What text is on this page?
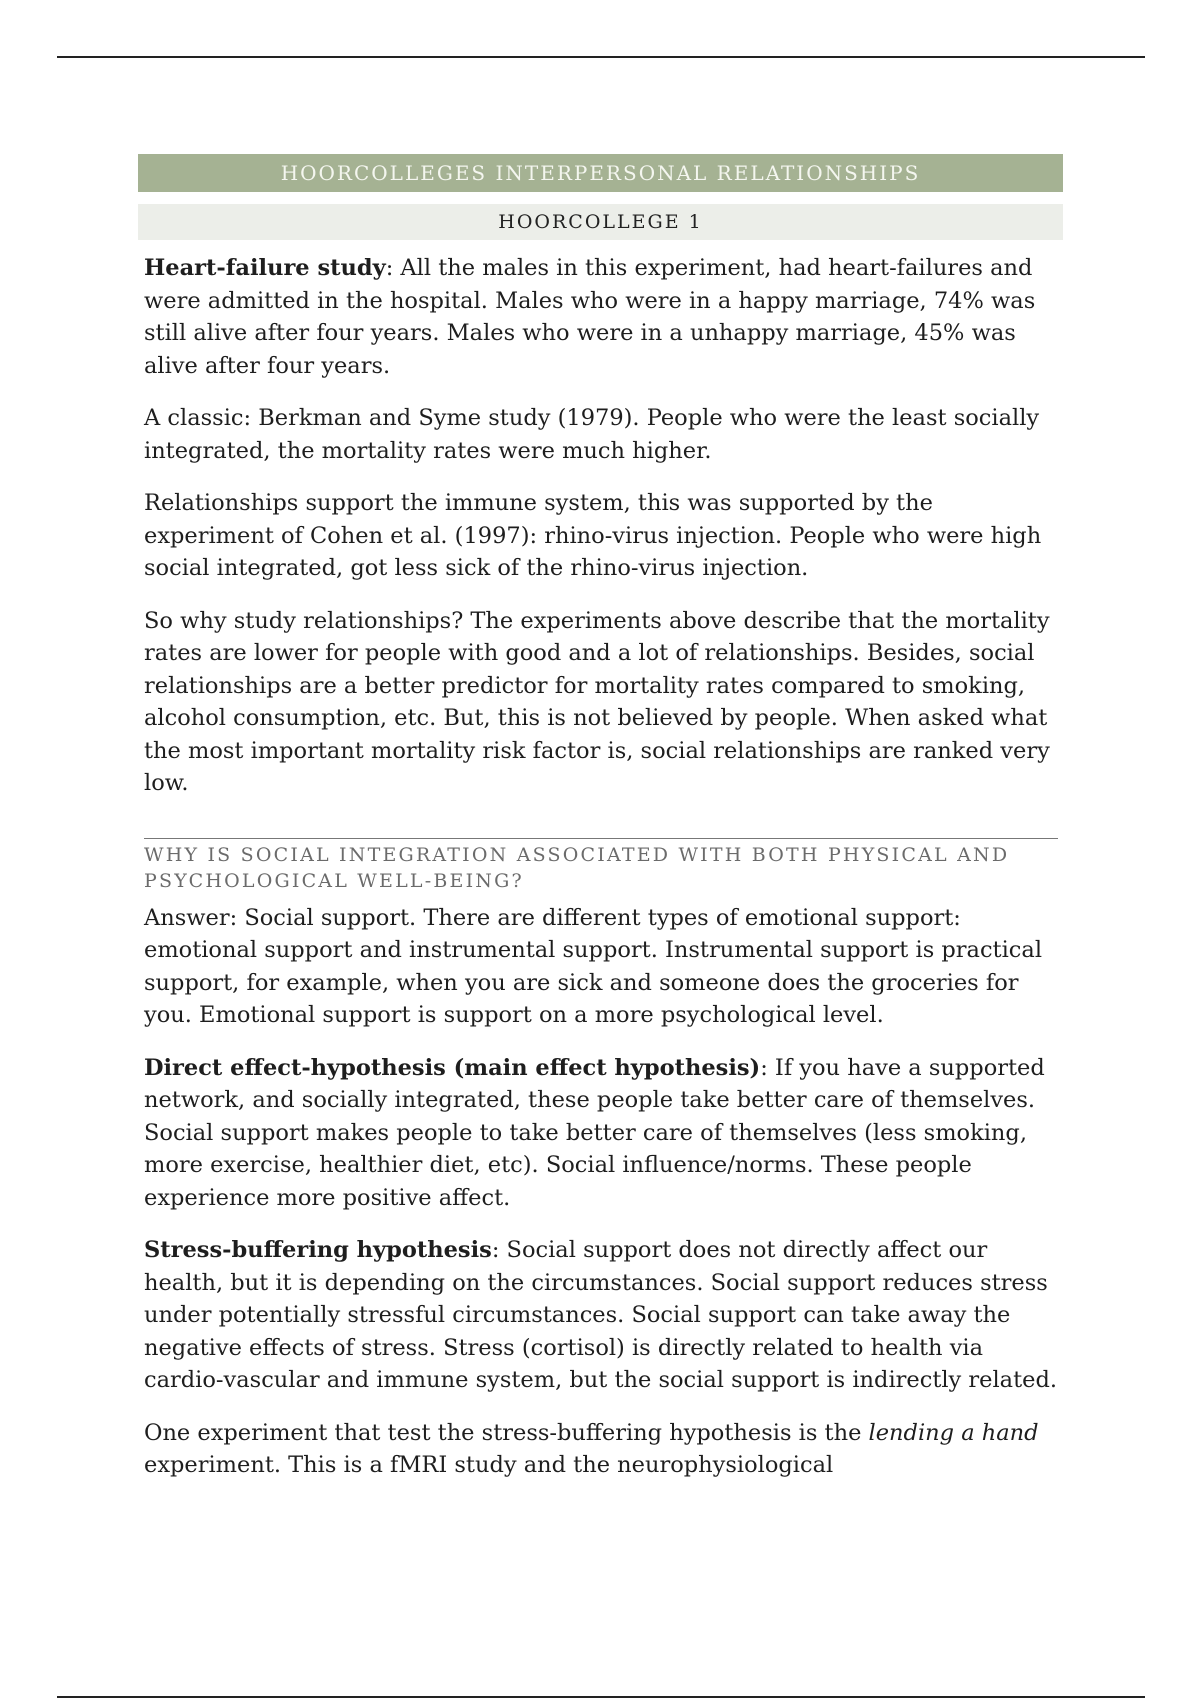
HOORCOLLEGES INTERPERSONAL RELATIONSHIPS
HOORCOLLEGE 1

Heart-failure study: All the males in this experiment, had heart-failures and were admitted in the hospital. Males who were in a happy marriage, 74% was still alive after four years. Males who were in a unhappy marriage, 45% was alive after four years.

A classic: Berkman and Syme study (1979). People who were the least socially integrated, the mortality rates were much higher.

Relationships support the immune system, this was supported by the experiment of Cohen et al. (1997): rhino-virus injection. People who were high social integrated, got less sick of the rhino-virus injection.

So why study relationships? The experiments above describe that the mortality rates are lower for people with good and a lot of relationships. Besides, social relationships are a better predictor for mortality rates compared to smoking, alcohol consumption, etc. But, this is not believed by people. When asked what the most important mortality risk factor is, social relationships are ranked very low.

WHY IS SOCIAL INTEGRATION ASSOCIATED WITH BOTH PHYSICAL AND PSYCHOLOGICAL WELL-BEING?

Answer: Social support. There are different types of emotional support: emotional support and instrumental support. Instrumental support is practical support, for example, when you are sick and someone does the groceries for you. Emotional support is support on a more psychological level.

Direct effect-hypothesis (main effect hypothesis): If you have a supported network, and socially integrated, these people take better care of themselves. Social support makes people to take better care of themselves (less smoking, more exercise, healthier diet, etc). Social influence/norms. These people experience more positive affect.

Stress-buffering hypothesis: Social support does not directly affect our health, but it is depending on the circumstances. Social support reduces stress under potentially stressful circumstances. Social support can take away the negative effects of stress. Stress (cortisol) is directly related to health via cardio-vascular and immune system, but the social support is indirectly related.

One experiment that test the stress-buffering hypothesis is the lending a hand experiment. This is a fMRI study and the neurophysiological
